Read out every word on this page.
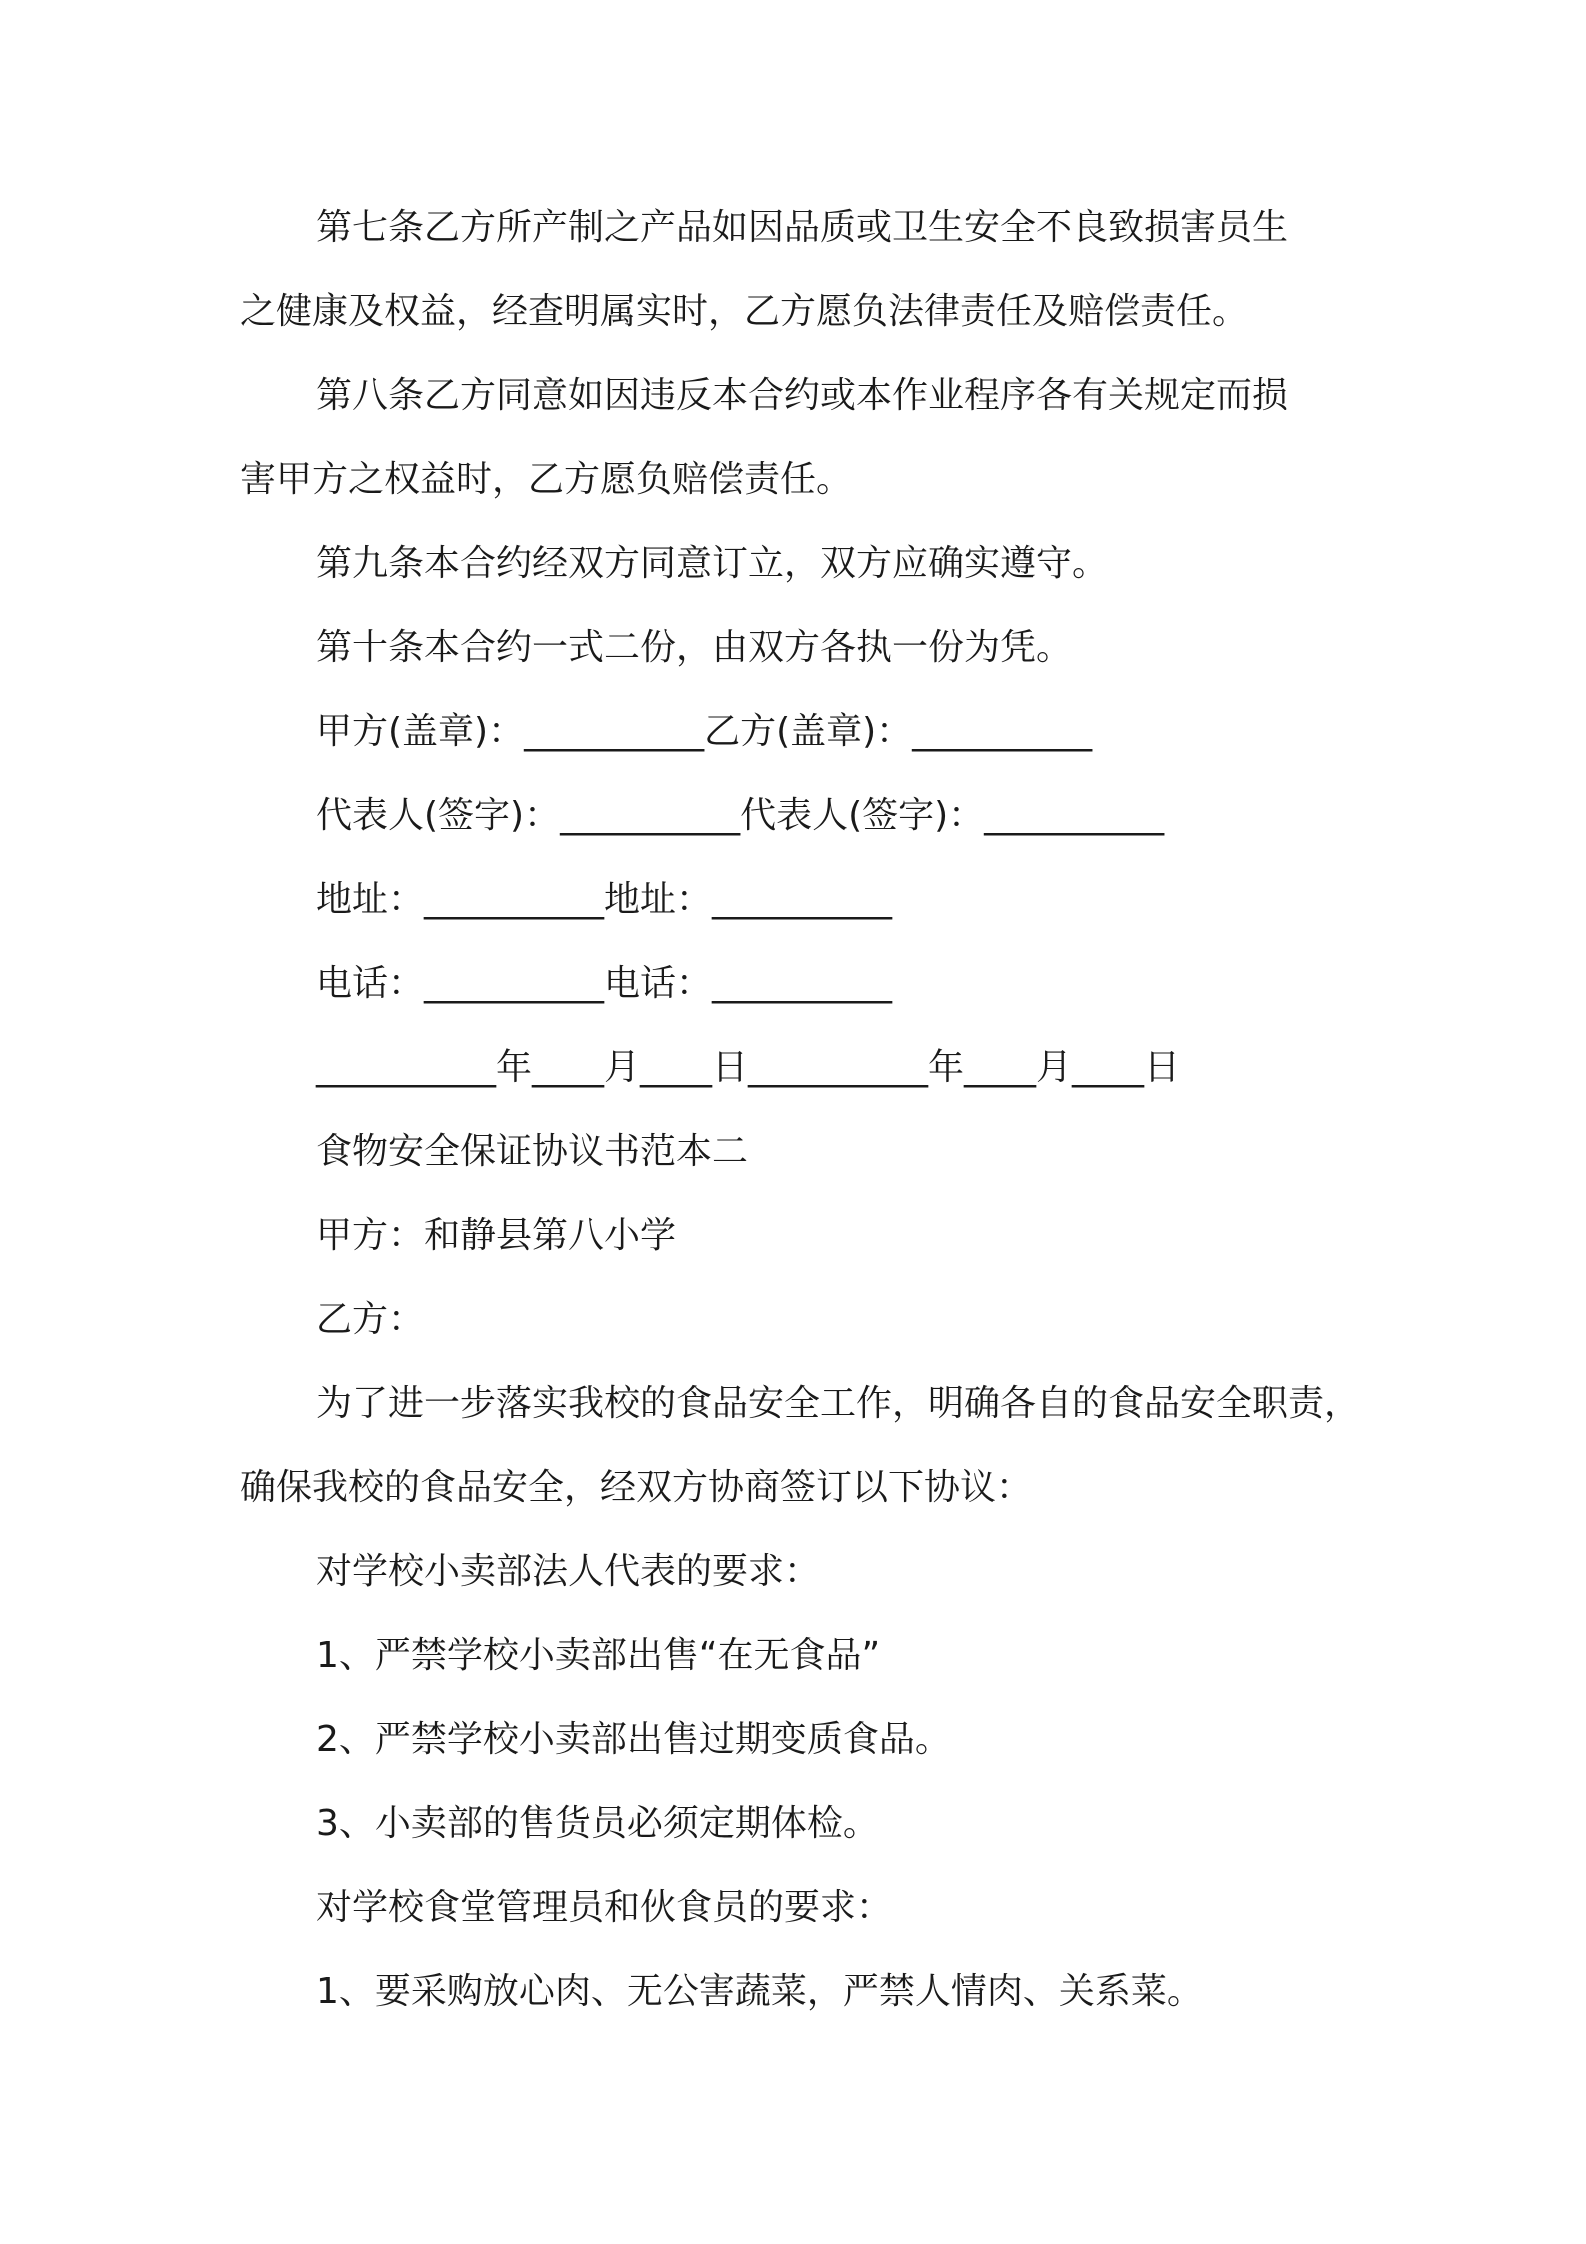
第七条乙方所产制之产品如因品质或卫生安全不良致损害员生
之健康及权益，经查明属实时，乙方愿负法律责任及赔偿责任。

第八条乙方同意如因违反本合约或本作业程序各有关规定而损
害甲方之权益时，乙方愿负赔偿责任。

第九条本合约经双方同意订立，双方应确实遵守。

第十条本合约一式二份，由双方各执一份为凭。

甲方(盖章)：__________乙方(盖章)：__________

代表人(签字)：__________代表人(签字)：__________

地址：__________地址：__________

电话：__________电话：__________

__________年____月____日__________年____月____日

食物安全保证协议书范本二

甲方：和静县第八小学

乙方：

为了进一步落实我校的食品安全工作，明确各自的食品安全职责，
确保我校的食品安全，经双方协商签订以下协议：

对学校小卖部法人代表的要求：

1、严禁学校小卖部出售“在无食品”

2、严禁学校小卖部出售过期变质食品。

3、小卖部的售货员必须定期体检。

对学校食堂管理员和伙食员的要求：

1、要采购放心肉、无公害蔬菜，严禁人情肉、关系菜。
